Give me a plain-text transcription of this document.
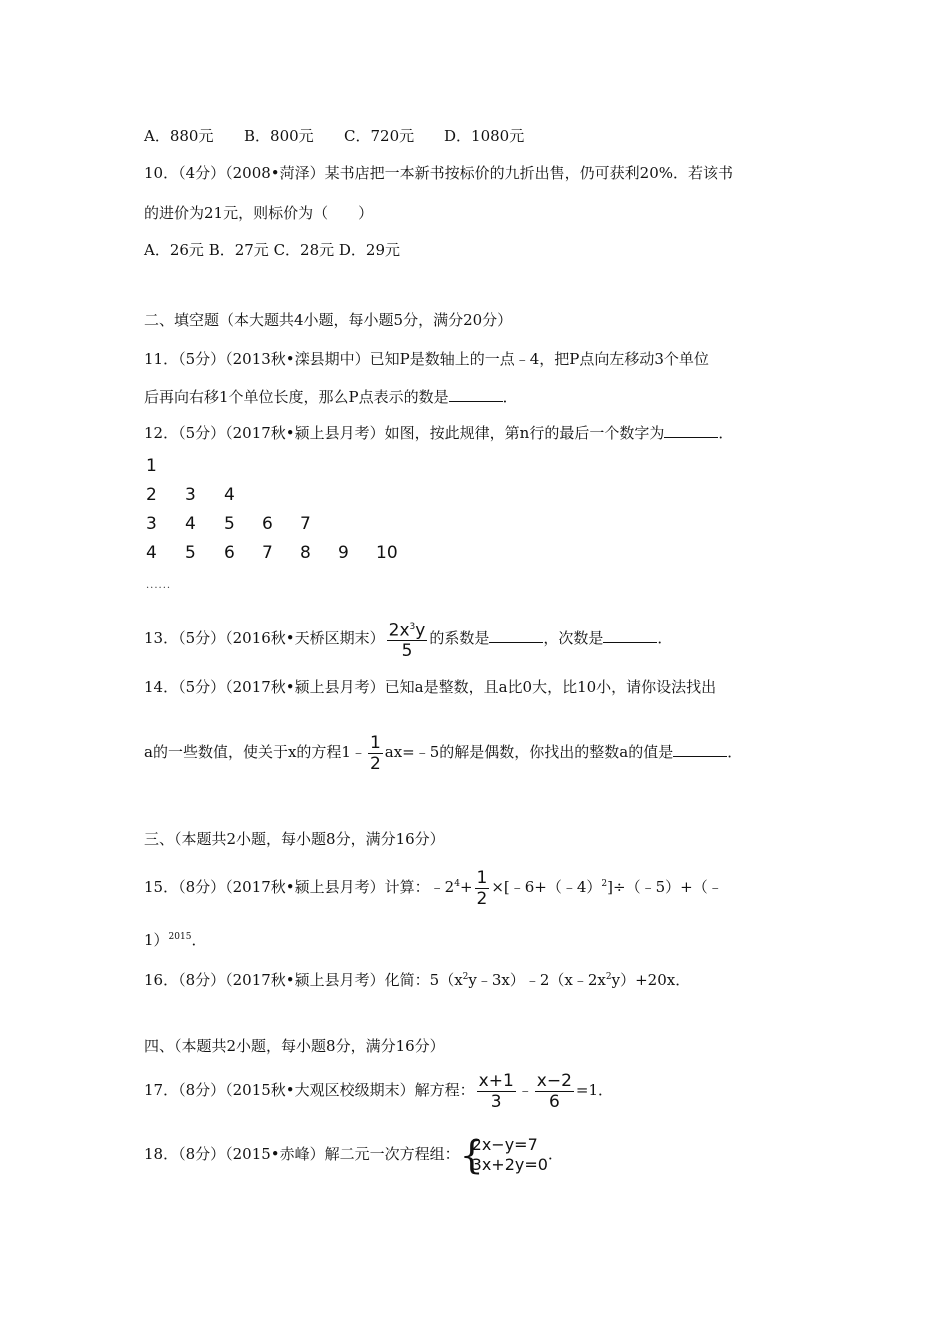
A．880元 B．800元 C．720元 D．1080元
10．（4分）（2008•菏泽）某书店把一本新书按标价的九折出售，仍可获利20%．若该书
的进价为21元，则标价为（　　）
A．26元 B．27元 C．28元 D．29元
二、填空题（本大题共4小题，每小题5分，满分20分）
11．（5分）（2013秋•滦县期中）已知P是数轴上的一点﹣4，把P点向左移动3个单位
后再向右移1个单位长度，那么P点表示的数是	．
12．（5分）（2017秋•颍上县月考）如图，按此规律，第n行的最后一个数字为	．
1
2 3 4
3 4 5 6 7
4 5 6 7 8 9 10
......
13．（5分）（2016秋•天桥区期末） $\frac{2x^3y}{5}$ 的系数是	，次数是	．
14．（5分）（2017秋•颍上县月考）已知a是整数，且a比0大，比10小，请你设法找出
a的一些数值，使关于x的方程1﹣ $\frac{1}{2}$ ax=﹣5的解是偶数，你找出的整数a的值是	．
三、（本题共2小题，每小题8分，满分16分）
15．（8分）（2017秋•颍上县月考）计算：$﹣2^4+ \frac{1}{2}$ ×[﹣6+（﹣4）$^2$]÷（﹣5）+（﹣
1）$^{2015}$．
16．（8分）（2017秋•颍上县月考）化简：$5(x^2y﹣3x)﹣2(x﹣2x^2y)+20x$．
四、（本题共2小题，每小题8分，满分16分）
17．（8分）（2015秋•大观区校级期末）解方程： $\frac{x+1}{3}$ ﹣ $\frac{x-2}{6} =1$．
18．（8分）（2015•赤峰）解二元一次方程组： {
2x−y=7
3x+2y=0
．
